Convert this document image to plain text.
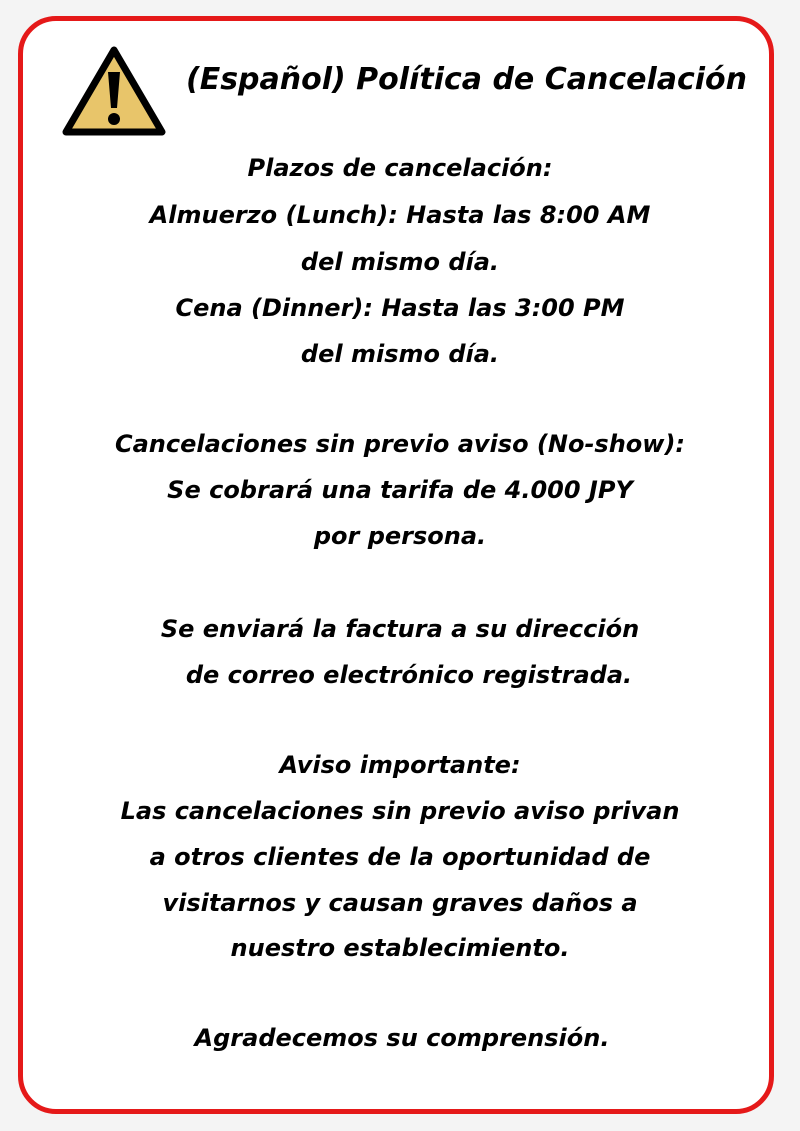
(Español) Política de Cancelación
Plazos de cancelación:
Almuerzo (Lunch): Hasta las 8:00 AM
del mismo día.
Cena (Dinner): Hasta las 3:00 PM
del mismo día.
Cancelaciones sin previo aviso (No-show):
Se cobrará una tarifa de 4.000 JPY
por persona.
Se enviará la factura a su dirección
de correo electrónico registrada.
Aviso importante:
Las cancelaciones sin previo aviso privan
a otros clientes de la oportunidad de
visitarnos y causan graves daños a
nuestro establecimiento.
Agradecemos su comprensión.
